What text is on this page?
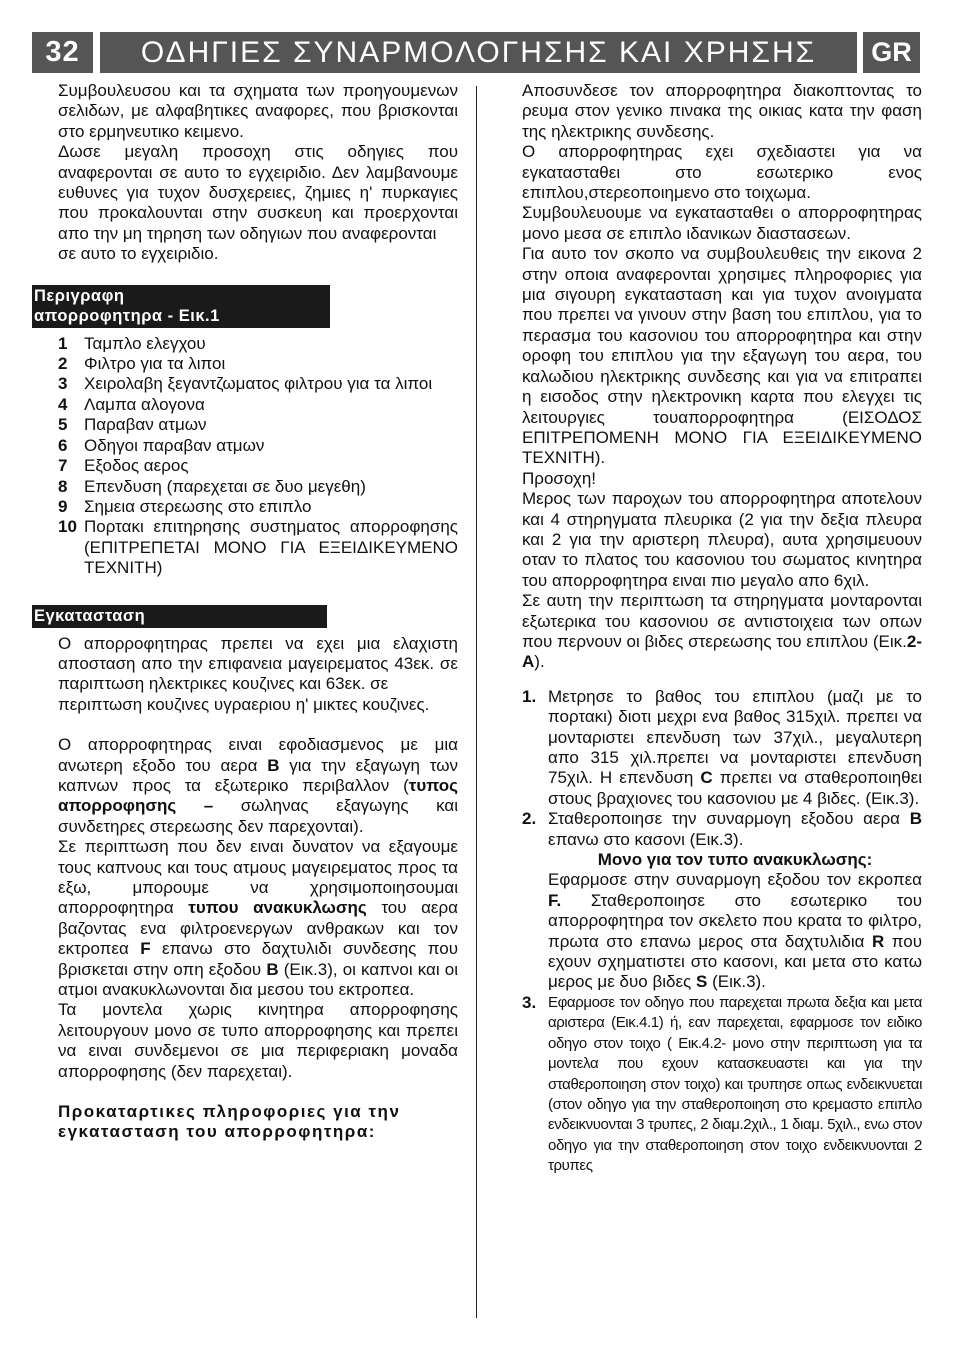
32	ΟΔΗΓΙΕΣ ΣΥΝΑΡΜΟΛΟΓΗΣΗΣ ΚΑΙ ΧΡΗΣΗΣ	GR

Συμβουλευσου και τα σχηματα των προηγουμενων σελιδων, με αλφαβητικες αναφορες, που βρισκονται στο ερμηνευτικο κειμενο.

Δωσε μεγαλη προσοχη στις οδηγιες που αναφερονται σε αυτο το εγχειριδιο. Δεν λαμβανουμε ευθυνες για τυχον δυσχερειες, ζημιες η' πυρκαγιες που προκαλουνται στην συσκευη και προερχονται απο την μη τηρηση των οδηγιων που αναφερονται

σε αυτο το εγχειριδιο.

Περιγραφη
απορροφητηρα - Εικ.1
1 Ταμπλο ελεγχου
2 Φιλτρο για τα λιποι
3 Χειρολαβη ξεγαντζωματος φιλτρου για τα λιποι
4 Λαμπα αλογονα
5 Παραβαν ατμων
6 Οδηγοι παραβαν ατμων
7 Εξοδος αερος
8 Επενδυση (παρεχεται σε δυο μεγεθη)
9 Σημεια στερεωσης στο επιπλο
10 Πορτακι επιτηρησης συστηματος απορροφησης (ΕΠΙΤΡΕΠΕΤΑΙ ΜΟΝΟ ΓΙΑ ΕΞΕΙΔΙΚΕΥΜΕΝΟ ΤΕΧΝΙΤΗ)
Εγκατασταση

Ο απορροφητηρας πρεπει να εχει μια ελαχιστη αποσταση απο την επιφανεια μαγειρεματος 43εκ. σε παριπτωση ηλεκτρικες κουζινες και 63εκ. σε

περιπτωση κουζινες υγραεριου η' μικτες κουζινες.

Ο απορροφητηρας ειναι εφοδιασμενος με μια ανωτερη εξοδο του αερα B για την εξαγωγη των καπνων προς τα εξωτερικο περιβαλλον (τυπος απορροφησης – σωληνας εξαγωγης και συνδετηρες στερεωσης δεν παρεχονται).

Σε περιπτωση που δεν ειναι δυνατον να εξαγουμε τους καπνους και τους ατμους μαγειρεματος προς τα εξω, μπορουμε να χρησιμοποιησουμαι απορροφητηρα τυπου ανακυκλωσης του αερα βαζοντας ενα φιλτροενεργων ανθρακων και τον εκτροπεα F επανω στο δαχτυλιδι συνδεσης που βρισκεται στην οπη εξοδου B (Εικ.3), οι καπνοι και οι ατμοι ανακυκλωνονται δια μεσου του εκτροπεα.

Τα μοντελα χωρις κινητηρα απορροφησης λειτουργουν μονο σε τυπο απορροφησης και πρεπει να ειναι συνδεμενοι σε μια περιφεριακη μοναδα απορροφησης (δεν παρεχεται).

Προκαταρτικες πληροφοριες για την εγκατασταση του απορροφητηρα:

Αποσυνδεσε τον απορροφητηρα διακοπτοντας το ρευμα στον γενικο πινακα της οικιας κατα την φαση της ηλεκτρικης συνδεσης.

Ο απορροφητηρας εχει σχεδιαστει για να εγκατασταθει στο εσωτερικο ενος επιπλου,στερεοποιημενο στο τοιχωμα.

Συμβουλευουμε να εγκατασταθει ο απορροφητηρας μονο μεσα σε επιπλο ιδανικων διαστασεων.

Για αυτο τον σκοπο να συμβουλευθεις την εικονα 2 στην οποια αναφερονται χρησιμες πληροφοριες για μια σιγουρη εγκατασταση και για τυχον ανοιγματα που πρεπει να γινουν στην βαση του επιπλου, για το περασμα του κασονιου του απορροφητηρα και στην οροφη του επιπλου για την εξαγωγη του αερα, του καλωδιου ηλεκτρικης συνδεσης και για να επιτραπει η εισοδος στην ηλεκτρονικη καρτα που ελεγχει τις λειτουργιες τουαπορροφητηρα (ΕΙΣΟΔΟΣ ΕΠΙΤΡΕΠΟΜΕΝΗ ΜΟΝΟ ΓΙΑ ΕΞΕΙΔΙΚΕΥΜΕΝΟ ΤΕΧΝΙΤΗ).

Προσοχη!

Μερος των παροχων του απορροφητηρα αποτελουν και 4 στηρηγματα πλευρικα (2 για την δεξια πλευρα και 2 για την αριστερη πλευρα), αυτα χρησιμευουν οταν το πλατος του κασονιου του σωματος κινητηρα του απορροφητηρα ειναι πιο μεγαλο απο 6χιλ.

Σε αυτη την περιπτωση τα στηρηγματα μονταρονται εξωτερικα του κασονιου σε αντιστοιχεια των οπων που περνουν οι βιδες στερεωσης του επιπλου (Εικ.2-A).

1. Μετρησε το βαθος του επιπλου (μαζι με το πορτακι) διοτι μεχρι ενα βαθος 315χιλ. πρεπει να μονταριστει επενδυση των 37χιλ., μεγαλυτερη απο 315 χιλ.πρεπει να μονταριστει επενδυση 75χιλ. Η επενδυση C πρεπει να σταθεροποιηθει στους βραχιονες του κασονιου με 4 βιδες. (Εικ.3).
2. Σταθεροποιησε την συναρμογη εξοδου αερα B επανω στο κασονι (Εικ.3).
Μονο για τον τυπο ανακυκλωσης:
Εφαρμοσε στην συναρμογη εξοδου τον εκροπεα F. Σταθεροποιησε στο εσωτερικο του απορροφητηρα τον σκελετο που κρατα το φιλτρο, πρωτα στο επανω μερος στα δαχτυλιδια R που εχουν σχηματιστει στο κασονι, και μετα στο κατω μερος με δυο βιδες S (Εικ.3).
3. Εφαρμοσε τον οδηγο που παρεχεται πρωτα δεξια και μετα αριστερα (Εικ.4.1) ή, εαν παρεχεται, εφαρμοσε τον ειδικο οδηγο στον τοιχο ( Εικ.4.2- μονο στην περιπτωση για τα μοντελα που εχουν κατασκευαστει και για την σταθεροποιηση στον τοιχο) και τρυπησε οπως ενδεικνυεται (στον οδηγο για την σταθεροποιηση στο κρεμαστο επιπλο ενδεικνυονται 3 τρυπες, 2 διαμ.2χιλ., 1 διαμ. 5χιλ., ενω στον οδηγο για την σταθεροποιηση στον τοιχο ενδεικνυονται 2 τρυπες
